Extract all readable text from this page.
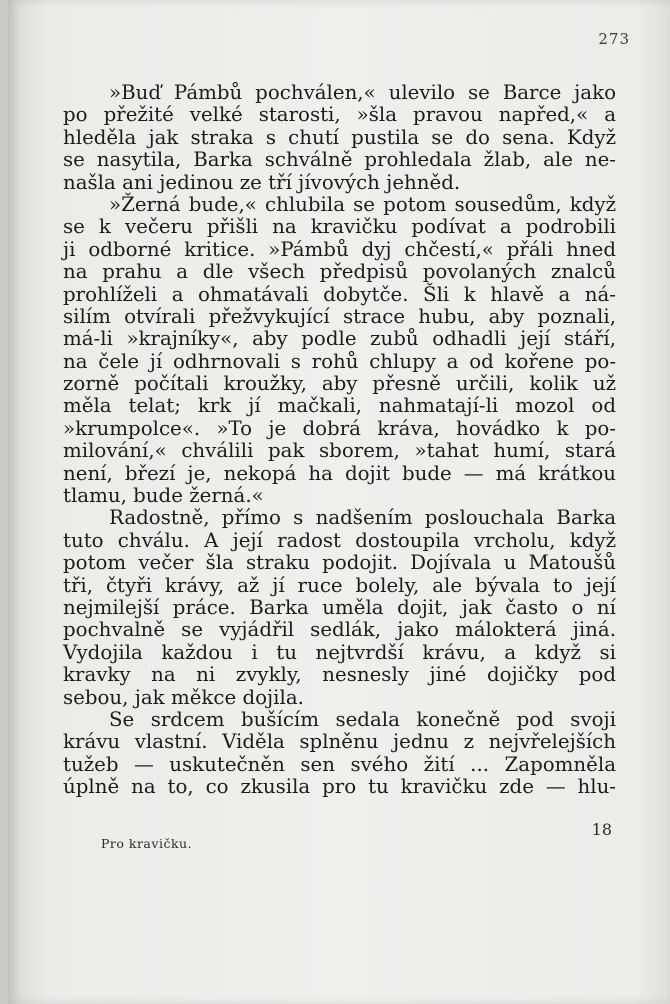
273
»Buď Pámbů pochválen,« ulevilo se Barce jako
po přežité velké starosti, »šla pravou napřed,« a
hleděla jak straka s chutí pustila se do sena. Když
se nasytila, Barka schválně prohledala žlab, ale ne-
našla ani jedinou ze tří jívových jehněd.
»Žerná bude,« chlubila se potom sousedům, když
se k večeru přišli na kravičku podívat a podrobili
ji odborné kritice. »Pámbů dyj chčestí,« přáli hned
na prahu a dle všech předpisů povolaných znalců
prohlíželi a ohmatávali dobytče. Šli k hlavě a ná-
silím otvírali přežvykující strace hubu, aby poznali,
má-li »krajníky«, aby podle zubů odhadli její stáří,
na čele jí odhrnovali s rohů chlupy a od kořene po-
zorně počítali kroužky, aby přesně určili, kolik už
měla telat; krk jí mačkali, nahmatají-li mozol od
»krumpolce«. »To je dobrá kráva, hovádko k po-
milování,« chválili pak sborem, »tahat humí, stará
není, březí je, nekopá ha dojit bude — má krátkou
tlamu, bude žerná.«
Radostně, přímo s nadšením poslouchala Barka
tuto chválu. A její radost dostoupila vrcholu, když
potom večer šla straku podojit. Dojívala u Matoušů
tři, čtyři krávy, až jí ruce bolely, ale bývala to její
nejmilejší práce. Barka uměla dojit, jak často o ní
pochvalně se vyjádřil sedlák, jako málokterá jiná.
Vydojila každou i tu nejtvrdší krávu, a když si
kravky na ni zvykly, nesnesly jiné dojičky pod
sebou, jak měkce dojila.
Se srdcem bušícím sedala konečně pod svoji
krávu vlastní. Viděla splněnu jednu z nejvřelejších
tužeb — uskutečněn sen svého žití ... Zapomněla
úplně na to, co zkusila pro tu kravičku zde — hlu-
18
Pro kravičku.
